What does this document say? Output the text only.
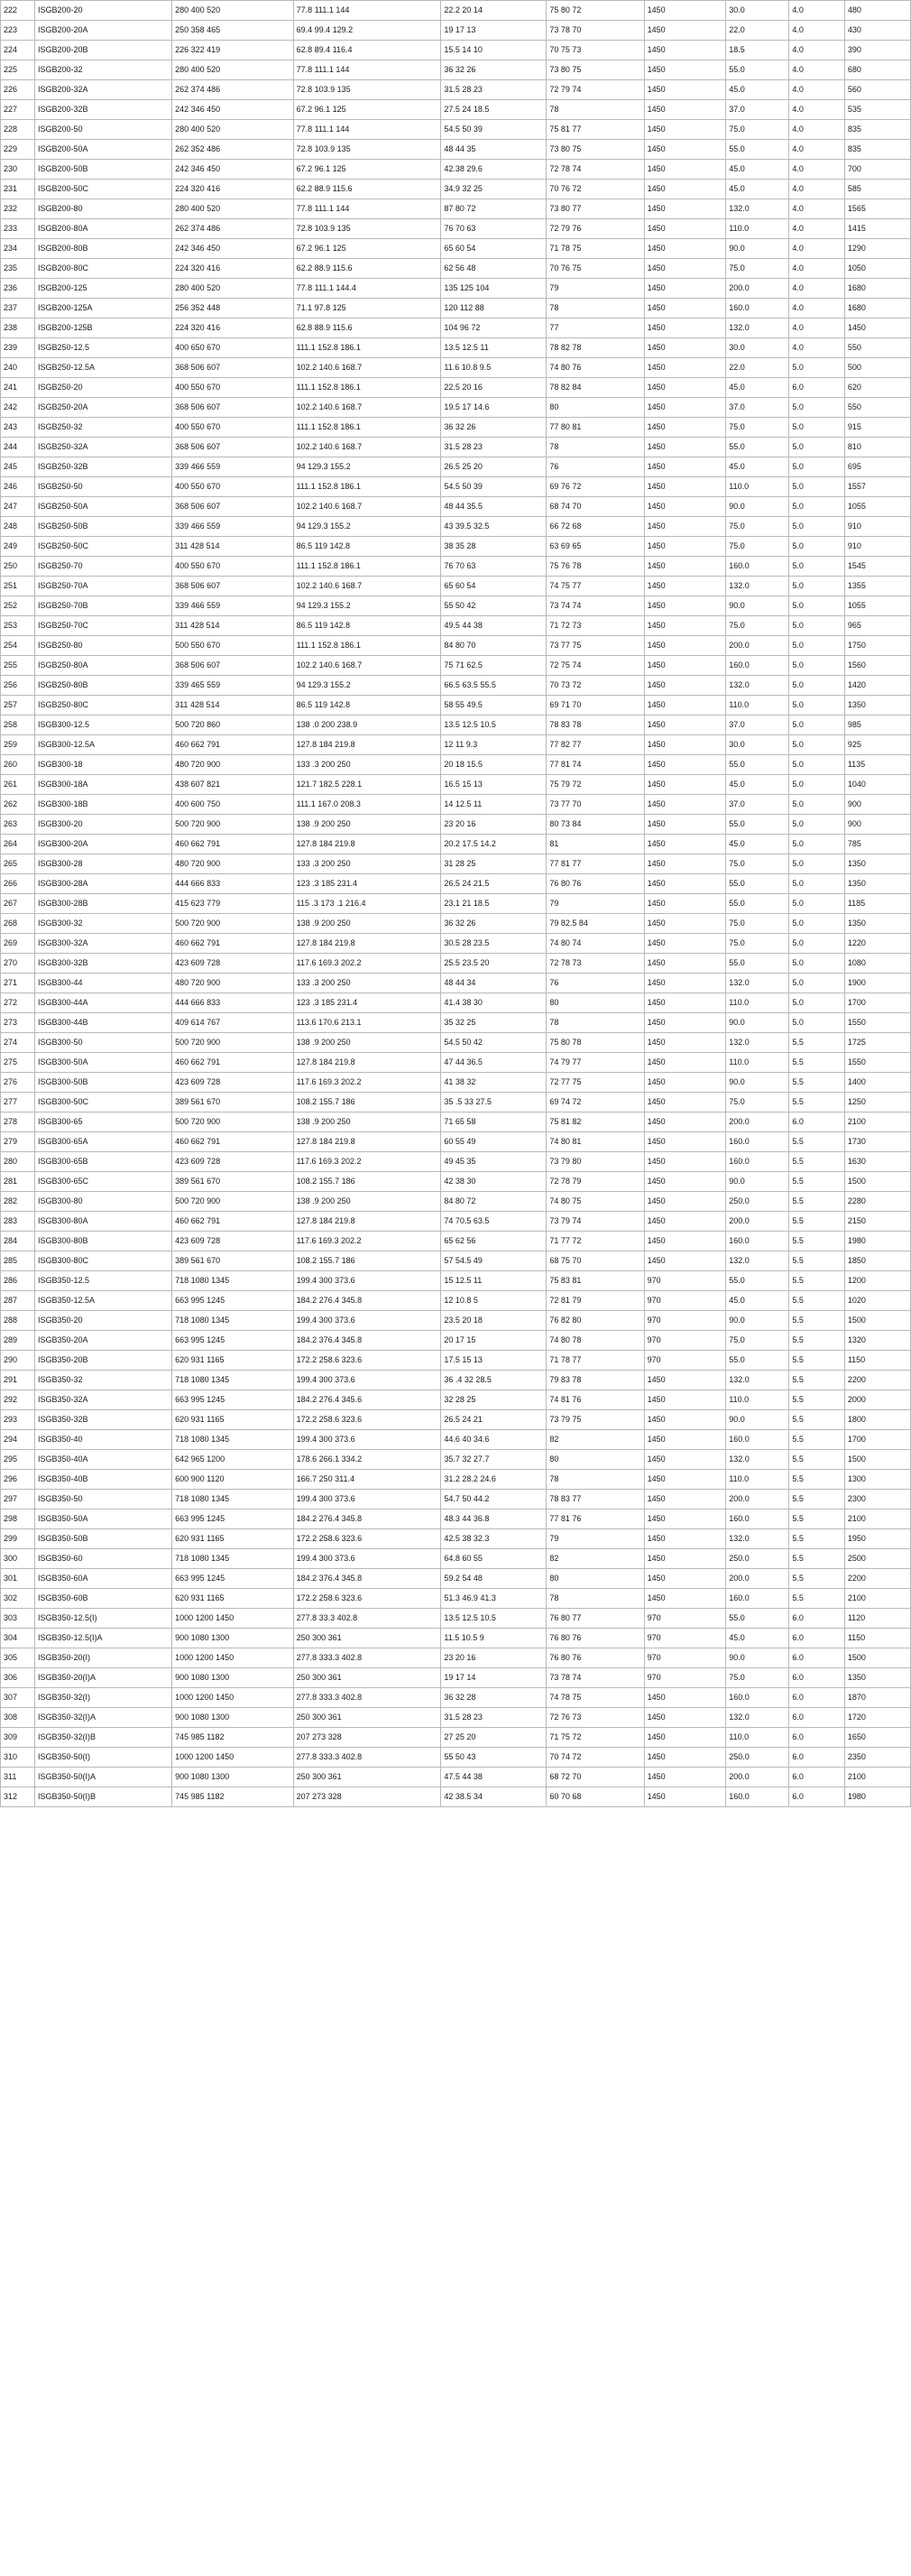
222	ISGB200-20	280 400 520	77.8 111.1 144	22.2 20 14	75 80 72	1450	30.0	4.0	480
223	ISGB200-20A	250 358 465	69.4 99.4 129.2	19 17 13	73 78 70	1450	22.0	4.0	430
224	ISGB200-20B	226 322 419	62.8 89.4 116.4	15.5 14 10	70 75 73	1450	18.5	4.0	390
225	ISGB200-32	280 400 520	77.8 111.1 144	36 32 26	73 80 75	1450	55.0	4.0	680
226	ISGB200-32A	262 374 486	72.8 103.9 135	31.5 28 23	72 79 74	1450	45.0	4.0	560
227	ISGB200-32B	242 346 450	67.2 96.1 125	27.5 24 18.5	78	1450	37.0	4.0	535
228	ISGB200-50	280 400 520	77.8 111.1 144	54.5 50 39	75 81 77	1450	75.0	4.0	835
229	ISGB200-50A	262 352 486	72.8 103.9 135	48 44 35	73 80 75	1450	55.0	4.0	835
230	ISGB200-50B	242 346 450	67.2 96.1 125	42.38 29.6	72 78 74	1450	45.0	4.0	700
231	ISGB200-50C	224 320 416	62.2 88.9 115.6	34.9 32 25	70 76 72	1450	45.0	4.0	585
232	ISGB200-80	280 400 520	77.8 111.1 144	87 80 72	73 80 77	1450	132.0	4.0	1565
233	ISGB200-80A	262 374 486	72.8 103.9 135	76 70 63	72 79 76	1450	110.0	4.0	1415
234	ISGB200-80B	242 346 450	67.2 96.1 125	65 60 54	71 78 75	1450	90.0	4.0	1290
235	ISGB200-80C	224 320 416	62.2 88.9 115.6	62 56 48	70 76 75	1450	75.0	4.0	1050
236	ISGB200-125	280 400 520	77.8 111.1 144.4	135 125 104	79	1450	200.0	4.0	1680
237	ISGB200-125A	256 352 448	71.1 97.8 125	120 112 88	78	1450	160.0	4.0	1680
238	ISGB200-125B	224 320 416	62.8 88.9 115.6	104 96 72	77	1450	132.0	4.0	1450
239	ISGB250-12.5	400 650 670	111.1 152.8 186.1	13.5 12.5 11	78 82 78	1450	30.0	4.0	550
240	ISGB250-12.5A	368 506 607	102.2 140.6 168.7	11.6 10.8 9.5	74 80 76	1450	22.0	5.0	500
241	ISGB250-20	400 550 670	111.1 152.8 186.1	22.5 20 16	78 82 84	1450	45.0	6.0	620
242	ISGB250-20A	368 506 607	102.2 140.6 168.7	19.5 17 14.6	80	1450	37.0	5.0	550
243	ISGB250-32	400 550 670	111.1 152.8 186.1	36 32 26	77 80 81	1450	75.0	5.0	915
244	ISGB250-32A	368 506 607	102.2 140.6 168.7	31.5 28 23	78	1450	55.0	5.0	810
245	ISGB250-32B	339 466 559	94 129.3 155.2	26.5 25 20	76	1450	45.0	5.0	695
246	ISGB250-50	400 550 670	111.1 152.8 186.1	54.5 50 39	69 76 72	1450	110.0	5.0	1557
247	ISGB250-50A	368 506 607	102.2 140.6 168.7	48 44 35.5	68 74 70	1450	90.0	5.0	1055
248	ISGB250-50B	339 466 559	94 129.3 155.2	43 39.5 32.5	66 72 68	1450	75.0	5.0	910
249	ISGB250-50C	311 428 514	86.5 119 142.8	38 35 28	63 69 65	1450	75.0	5.0	910
250	ISGB250-70	400 550 670	111.1 152.8 186.1	76 70 63	75 76 78	1450	160.0	5.0	1545
251	ISGB250-70A	368 506 607	102.2 140.6 168.7	65 60 54	74 75 77	1450	132.0	5.0	1355
252	ISGB250-70B	339 466 559	94 129.3 155.2	55 50 42	73 74 74	1450	90.0	5.0	1055
253	ISGB250-70C	311 428 514	86.5 119 142.8	49.5 44 38	71 72 73	1450	75.0	5.0	965
254	ISGB250-80	500 550 670	111.1 152.8 186.1	84 80 70	73 77 75	1450	200.0	5.0	1750
255	ISGB250-80A	368 506 607	102.2 140.6 168.7	75 71 62.5	72 75 74	1450	160.0	5.0	1560
256	ISGB250-80B	339 465 559	94 129.3 155.2	66.5 63.5 55.5	70 73 72	1450	132.0	5.0	1420
257	ISGB250-80C	311 428 514	86.5 119 142.8	58 55 49.5	69 71 70	1450	110.0	5.0	1350
258	ISGB300-12.5	500 720 860	138 .0 200 238.9	13.5 12.5 10.5	78 83 78	1450	37.0	5.0	985
259	ISGB300-12.5A	460 662 791	127.8 184 219.8	12 11 9.3	77 82 77	1450	30.0	5.0	925
260	ISGB300-18	480 720 900	133 .3 200 250	20 18 15.5	77 81 74	1450	55.0	5.0	1135
261	ISGB300-18A	438 607 821	121.7 182.5 228.1	16.5 15 13	75 79 72	1450	45.0	5.0	1040
262	ISGB300-18B	400 600 750	111.1 167.0 208.3	14 12.5 11	73 77 70	1450	37.0	5.0	900
263	ISGB300-20	500 720 900	138 .9 200 250	23 20 16	80 73 84	1450	55.0	5.0	900
264	ISGB300-20A	460 662 791	127.8 184 219.8	20.2 17.5 14.2	81	1450	45.0	5.0	785
265	ISGB300-28	480 720 900	133 .3 200 250	31 28 25	77 81 77	1450	75.0	5.0	1350
266	ISGB300-28A	444 666 833	123 .3 185 231.4	26.5 24 21.5	76 80 76	1450	55.0	5.0	1350
267	ISGB300-28B	415 623 779	115 .3 173 .1 216.4	23.1 21 18.5	79	1450	55.0	5.0	1185
268	ISGB300-32	500 720 900	138 .9 200 250	36 32 26	79 82.5 84	1450	75.0	5.0	1350
269	ISGB300-32A	460 662 791	127.8 184 219.8	30.5 28 23.5	74 80 74	1450	75.0	5.0	1220
270	ISGB300-32B	423 609 728	117.6 169.3 202.2	25.5 23.5 20	72 78 73	1450	55.0	5.0	1080
271	ISGB300-44	480 720 900	133 .3 200 250	48 44 34	76	1450	132.0	5.0	1900
272	ISGB300-44A	444 666 833	123 .3 185 231.4	41.4 38 30	80	1450	110.0	5.0	1700
273	ISGB300-44B	409 614 767	113.6 170.6 213.1	35 32 25	78	1450	90.0	5.0	1550
274	ISGB300-50	500 720 900	138 .9 200 250	54.5 50 42	75 80 78	1450	132.0	5.5	1725
275	ISGB300-50A	460 662 791	127.8 184 219.8	47 44 36.5	74 79 77	1450	110.0	5.5	1550
276	ISGB300-50B	423 609 728	117.6 169.3 202.2	41 38 32	72 77 75	1450	90.0	5.5	1400
277	ISGB300-50C	389 561 670	108.2 155.7 186	35 .5 33 27.5	69 74 72	1450	75.0	5.5	1250
278	ISGB300-65	500 720 900	138 .9 200 250	71 65 58	75 81 82	1450	200.0	6.0	2100
279	ISGB300-65A	460 662 791	127.8 184 219.8	60 55 49	74 80 81	1450	160.0	5.5	1730
280	ISGB300-65B	423 609 728	117.6 169.3 202.2	49 45 35	73 79 80	1450	160.0	5.5	1630
281	ISGB300-65C	389 561 670	108.2 155.7 186	42 38 30	72 78 79	1450	90.0	5.5	1500
282	ISGB300-80	500 720 900	138 .9 200 250	84 80 72	74 80 75	1450	250.0	5.5	2280
283	ISGB300-80A	460 662 791	127.8 184 219.8	74 70.5 63.5	73 79 74	1450	200.0	5.5	2150
284	ISGB300-80B	423 609 728	117.6 169.3 202.2	65 62 56	71 77 72	1450	160.0	5.5	1980
285	ISGB300-80C	389 561 670	108.2 155.7 186	57 54.5 49	68 75 70	1450	132.0	5.5	1850
286	ISGB350-12.5	718 1080 1345	199.4 300 373.6	15 12.5 11	75 83 81	970	55.0	5.5	1200
287	ISGB350-12.5A	663 995 1245	184.2 276.4 345.8	12 10.8 5	72 81 79	970	45.0	5.5	1020
288	ISGB350-20	718 1080 1345	199.4 300 373.6	23.5 20 18	76 82 80	970	90.0	5.5	1500
289	ISGB350-20A	663 995 1245	184.2 376.4 345.8	20 17 15	74 80 78	970	75.0	5.5	1320
290	ISGB350-20B	620 931 1165	172.2 258.6 323.6	17.5 15 13	71 78 77	970	55.0	5.5	1150
291	ISGB350-32	718 1080 1345	199.4 300 373.6	36 .4 32 28.5	79 83 78	1450	132.0	5.5	2200
292	ISGB350-32A	663 995 1245	184.2 276.4 345.6	32 28 25	74 81 76	1450	110.0	5.5	2000
293	ISGB350-32B	620 931 1165	172.2 258.6 323.6	26.5 24 21	73 79 75	1450	90.0	5.5	1800
294	ISGB350-40	718 1080 1345	199.4 300 373.6	44.6 40 34.6	82	1450	160.0	5.5	1700
295	ISGB350-40A	642 965 1200	178.6 266.1 334.2	35.7 32 27.7	80	1450	132.0	5.5	1500
296	ISGB350-40B	600 900 1120	166.7 250 311.4	31.2 28.2 24.6	78	1450	110.0	5.5	1300
297	ISGB350-50	718 1080 1345	199.4 300 373.6	54.7 50 44.2	78 83 77	1450	200.0	5.5	2300
298	ISGB350-50A	663 995 1245	184.2 276.4 345.8	48.3 44 36.8	77 81 76	1450	160.0	5.5	2100
299	ISGB350-50B	620 931 1165	172.2 258.6 323.6	42.5 38 32.3	79	1450	132.0	5.5	1950
300	ISGB350-60	718 1080 1345	199.4 300 373.6	64.8 60 55	82	1450	250.0	5.5	2500
301	ISGB350-60A	663 995 1245	184.2 376.4 345.8	59.2 54 48	80	1450	200.0	5.5	2200
302	ISGB350-60B	620 931 1165	172.2 258.6 323.6	51.3 46.9 41.3	78	1450	160.0	5.5	2100
303	ISGB350-12.5(I)	1000 1200 1450	277.8 33.3 402.8	13.5 12.5 10.5	76 80 77	970	55.0	6.0	1120
304	ISGB350-12.5(I)A	900 1080 1300	250 300 361	11.5 10.5 9	76 80 76	970	45.0	6.0	1150
305	ISGB350-20(I)	1000 1200 1450	277.8 333.3 402.8	23 20 16	76 80 76	970	90.0	6.0	1500
306	ISGB350-20(I)A	900 1080 1300	250 300 361	19 17 14	73 78 74	970	75.0	6.0	1350
307	ISGB350-32(I)	1000 1200 1450	277.8 333.3 402.8	36 32 28	74 78 75	1450	160.0	6.0	1870
308	ISGB350-32(I)A	900 1080 1300	250 300 361	31.5 28 23	72 76 73	1450	132.0	6.0	1720
309	ISGB350-32(I)B	745 985 1182	207 273 328	27 25 20	71 75 72	1450	110.0	6.0	1650
310	ISGB350-50(I)	1000 1200 1450	277.8 333.3 402.8	55 50 43	70 74 72	1450	250.0	6.0	2350
311	ISGB350-50(I)A	900 1080 1300	250 300 361	47.5 44 38	68 72 70	1450	200.0	6.0	2100
312	ISGB350-50(I)B	745 985 1182	207 273 328	42 38.5 34	60 70 68	1450	160.0	6.0	1980
